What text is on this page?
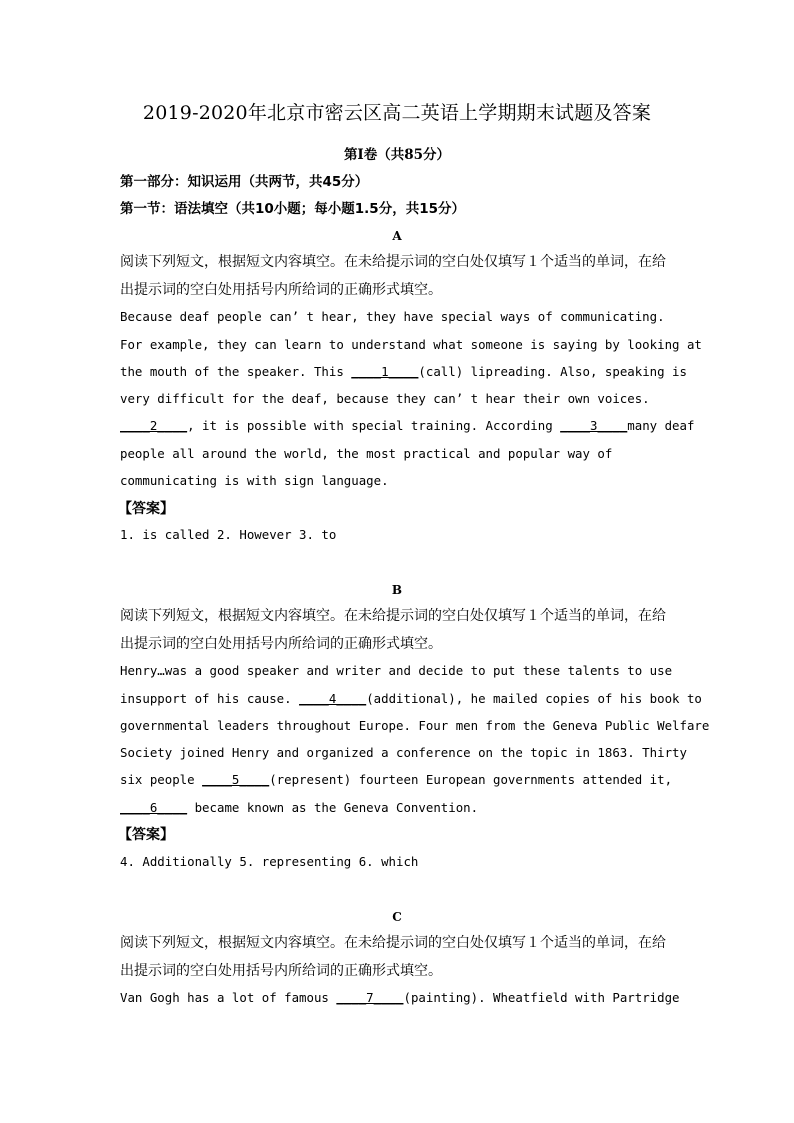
2019-2020年北京市密云区高二英语上学期期末试题及答案
第I卷（共85分）
第一部分：知识运用（共两节，共45分）
第一节：语法填空（共10小题；每小题1.5分，共15分）
A
阅读下列短文，根据短文内容填空。在未给提示词的空白处仅填写１个适当的单词，在给
出提示词的空白处用括号内所给词的正确形式填空。
Because deaf people can’ t hear, they have special ways of communicating.
For example, they can learn to understand what someone is saying by looking at
the mouth of the speaker. This ____1____(call) lipreading. Also, speaking is
very difficult for the deaf, because they can’ t hear their own voices.
____2____, it is possible with special training. According ____3____many deaf
people all around the world, the most practical and popular way of
communicating is with sign language.
【答案】
1. is called 2. However 3. to
B
阅读下列短文，根据短文内容填空。在未给提示词的空白处仅填写１个适当的单词，在给
出提示词的空白处用括号内所给词的正确形式填空。
Henry…was a good speaker and writer and decide to put these talents to use
insupport of his cause. ____4____(additional), he mailed copies of his book to
governmental leaders throughout Europe. Four men from the Geneva Public Welfare
Society joined Henry and organized a conference on the topic in 1863. Thirty
six people ____5____(represent) fourteen European governments attended it,
____6____ became known as the Geneva Convention.
【答案】
4. Additionally 5. representing 6. which
C
阅读下列短文，根据短文内容填空。在未给提示词的空白处仅填写１个适当的单词，在给
出提示词的空白处用括号内所给词的正确形式填空。
Van Gogh has a lot of famous ____7____(painting). Wheatfield with Partridge
